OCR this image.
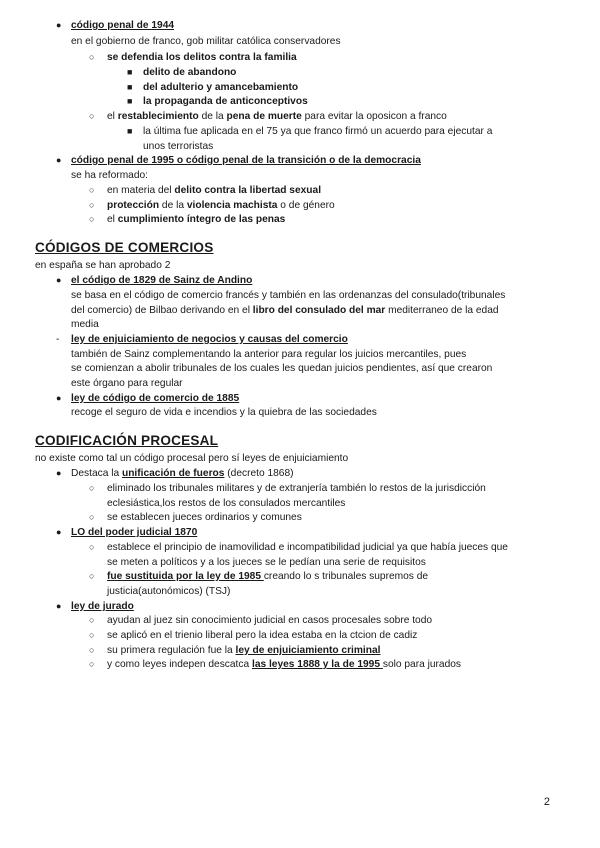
● código penal de 1944
en el gobierno de franco, gob militar católica conservadores
○ se defendia los delitos contra la familia
■ delito de abandono
■ del adulterio y amancebamiento
■ la propaganda de anticonceptivos
○ el restablecimiento de la pena de muerte para evitar la oposicon a franco
■ la última fue aplicada en el 75 ya que franco firmó un acuerdo para ejecutar a
unos terroristas
● código penal de 1995 o código penal de la transición o de la democracia
se ha reformado:
○ en materia del delito contra la libertad sexual
○ protección de la violencia machista o de género
○ el cumplimiento íntegro de las penas
CÓDIGOS DE COMERCIOS
en españa se han aprobado 2
● el código de 1829 de Sainz de Andino
se basa en el código de comercio francés y también en las ordenanzas del consulado(tribunales
del comercio) de Bilbao derivando en el libro del consulado del mar mediterraneo de la edad
media
- ley de enjuiciamiento de negocios y causas del comercio
también de Sainz complementando la anterior para regular los juicios mercantiles, pues
se comienzan a abolir tribunales de los cuales les quedan juicios pendientes, así que crearon
este órgano para regular
● ley de código de comercio de 1885
recoge el seguro de vida e incendios y la quiebra de las sociedades
CODIFICACIÓN PROCESAL
no existe como tal un código procesal pero sí leyes de enjuiciamiento
● Destaca la unificación de fueros (decreto 1868)
○ eliminado los tribunales militares y de extranjería también lo restos de la jurisdicción
eclesiástica,los restos de los consulados mercantiles
○ se establecen jueces ordinarios y comunes
● LO del poder judicial 1870
○ establece el principio de inamovilidad e incompatibilidad judicial ya que había jueces que
se meten a políticos y a los jueces se le pedían una serie de requisitos
○ fue sustituida por la ley de 1985 creando lo s tribunales supremos de
justicia(autonómicos) (TSJ)
● ley de jurado
○ ayudan al juez sin conocimiento judicial en casos procesales sobre todo
○ se aplicó en el trienio liberal pero la idea estaba en la ctcion de cadiz
○ su primera regulación fue la ley de enjuiciamiento criminal
○ y como leyes indepen descatca las leyes 1888 y la de 1995 solo para jurados
2
